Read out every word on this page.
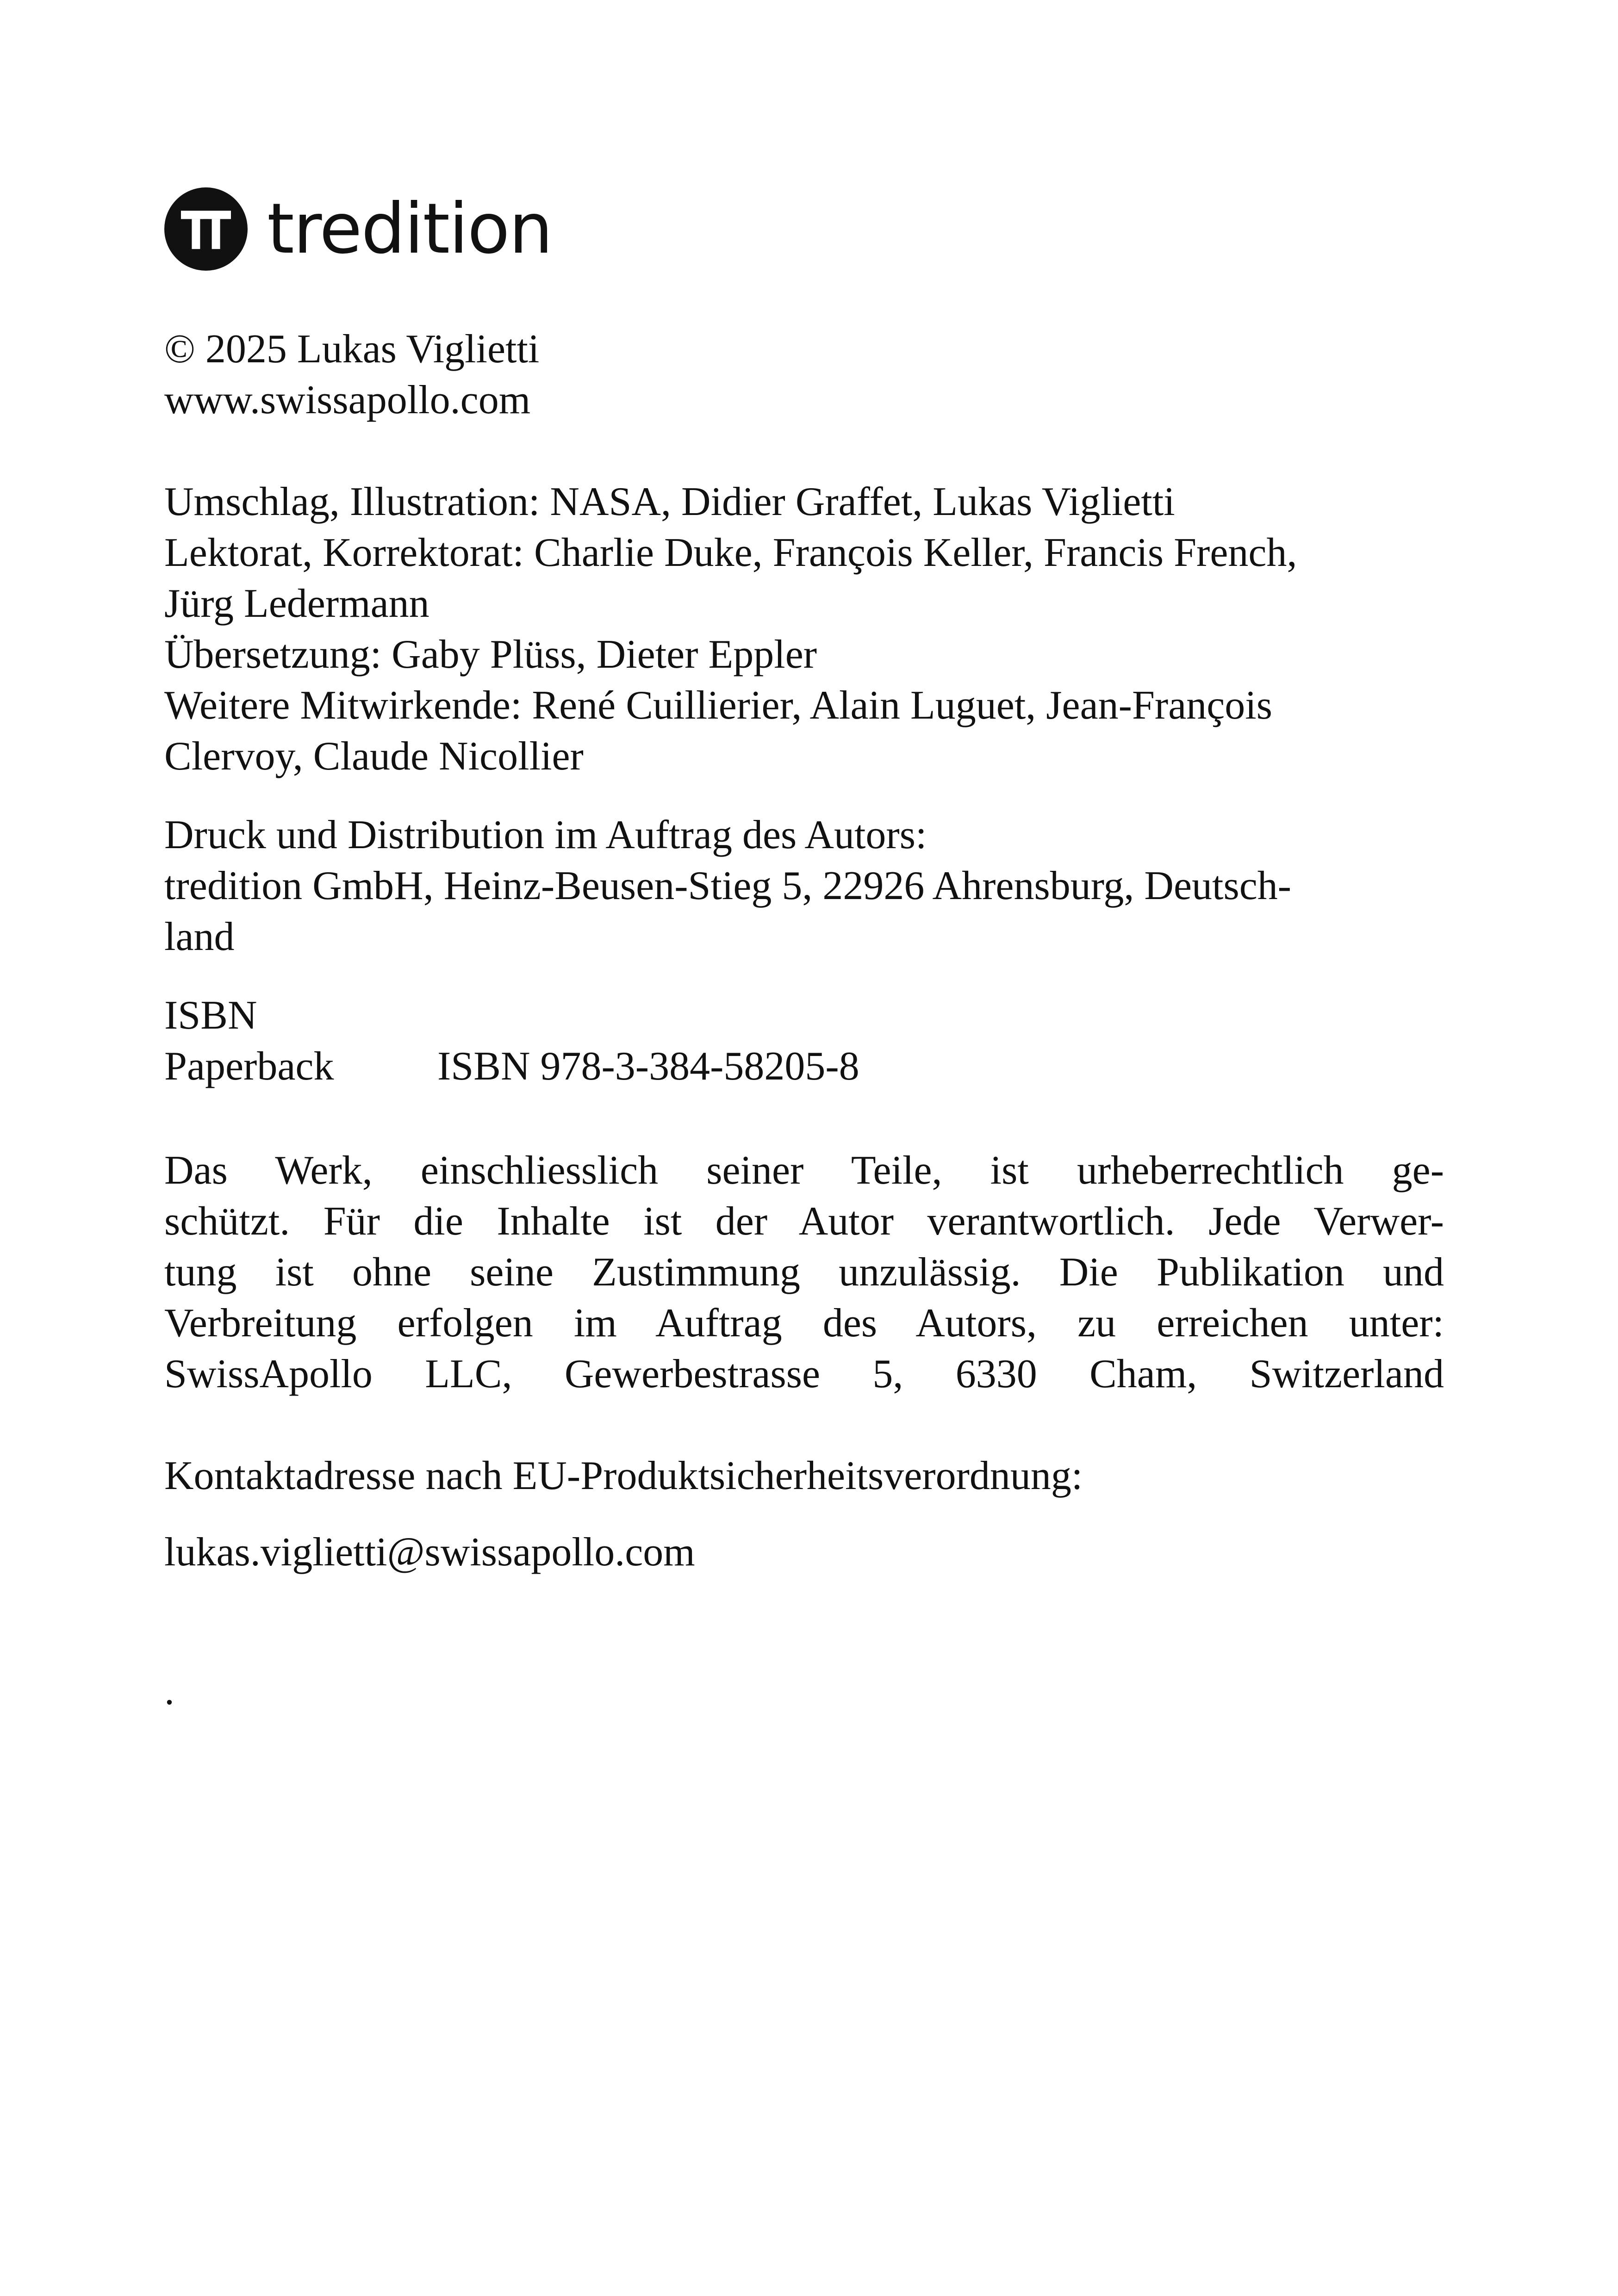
tredition
© 2025 Lukas Viglietti
www.swissapollo.com
Umschlag, Illustration: NASA, Didier Graffet, Lukas Viglietti
Lektorat, Korrektorat: Charlie Duke, François Keller, Francis French,
Jürg Ledermann
Übersetzung: Gaby Plüss, Dieter Eppler
Weitere Mitwirkende: René Cuillierier, Alain Luguet, Jean-François
Clervoy, Claude Nicollier
Druck und Distribution im Auftrag des Autors:
tredition GmbH, Heinz-Beusen-Stieg 5, 22926 Ahrensburg, Deutsch-
land
ISBN
Paperback	ISBN 978-3-384-58205-8
Das Werk, einschliesslich seiner Teile, ist urheberrechtlich ge-
schützt. Für die Inhalte ist der Autor verantwortlich. Jede Verwer-
tung ist ohne seine Zustimmung unzulässig. Die Publikation und
Verbreitung erfolgen im Auftrag des Autors, zu erreichen unter:
SwissApollo LLC, Gewerbestrasse 5, 6330 Cham, Switzerland
Kontaktadresse nach EU-Produktsicherheitsverordnung:
lukas.viglietti@swissapollo.com
.
